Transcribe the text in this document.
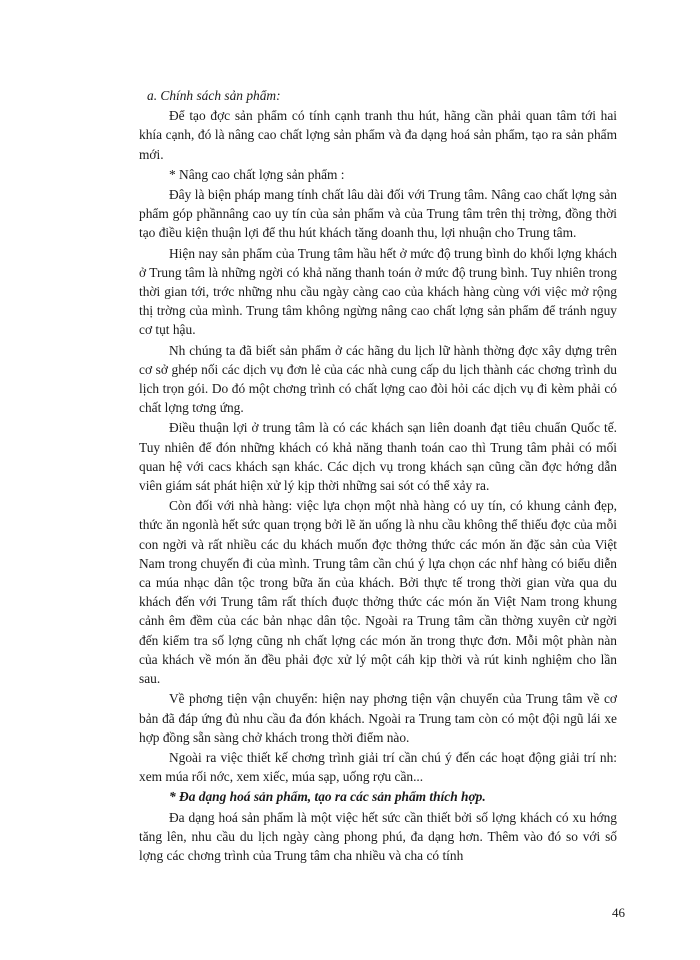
a. Chính sách sản phẩm:

Để tạo đợc sản phẩm có tính cạnh tranh thu hút, hãng cần phải quan tâm tới hai khía cạnh, đó là nâng cao chất lợng sản phẩm và đa dạng hoá sản phẩm, tạo ra sản phẩm mới.

* Nâng cao chất lợng sản phẩm :

Đây là biện pháp mang tính chất lâu dài đối với Trung tâm. Nâng cao chất lợng sản phẩm góp phầnnâng cao uy tín của sản phẩm và của Trung tâm trên thị trờng, đồng thời tạo điều kiện thuận lợi để thu hút khách tăng doanh thu, lợi nhuận cho Trung tâm.

Hiện nay sản phẩm của Trung tâm hầu hết ở mức độ trung bình do khối lợng khách ở Trung tâm là những ngời có khả năng thanh toán ở mức độ trung bình. Tuy nhiên trong thời gian tới, trớc những nhu cầu ngày càng cao của khách hàng cùng với việc mở rộng thị trờng của mình. Trung tâm không ngừng nâng cao chất lợng sản phẩm để tránh nguy cơ tụt hậu.

Nh chúng ta đã biết sản phẩm ở các hãng du lịch lữ hành thờng đợc xây dựng trên cơ sở ghép nối các dịch vụ đơn lẻ của các nhà cung cấp du lịch thành các chơng trình du lịch trọn gói. Do đó một chơng trình có chất lợng cao đòi hỏi các dịch vụ đi kèm phải có chất lợng tơng ứng.

Điều thuận lợi ở trung tâm là có các khách sạn liên doanh đạt tiêu chuẩn Quốc tế. Tuy nhiên để đón những khách có khả năng thanh toán cao thì Trung tâm phải có mối quan hệ với cacs khách sạn khác. Các dịch vụ trong khách sạn cũng cần đợc hớng dẫn viên giám sát phát hiện xử lý kịp thời những sai sót có thể xảy ra.

Còn đối với nhà hàng: việc lựa chọn một nhà hàng có uy tín, có khung cảnh đẹp, thức ăn ngonlà hết sức quan trọng bởi lẽ ăn uống là nhu cầu không thể thiếu đợc của mỗi con ngời và rất nhiều các du khách muốn đợc thởng thức các món ăn đặc sản của Việt Nam trong chuyến đi của mình. Trung tâm cần chú ý lựa chọn các nhf hàng có biểu diễn ca múa nhạc dân tộc trong bữa ăn của khách. Bởi thực tế trong thời gian vừa qua du khách đến với Trung tâm rất thích đuợc thởng thức các món ăn Việt Nam trong khung cảnh êm đềm của các bản nhạc dân tộc. Ngoài ra Trung tâm cần thờng xuyên cử ngời đến kiểm tra số lợng cũng nh chất lợng các món ăn trong thực đơn. Mỗi một phàn nàn của khách về món ăn đều phải đợc xử lý một cáh kịp thời và rút kinh nghiệm cho lần sau.

Về phơng tiện vận chuyển: hiện nay phơng tiện vận chuyển của Trung tâm về cơ bản đã đáp ứng đủ nhu cầu đa đón khách. Ngoài ra Trung tam còn có một đội ngũ lái xe hợp đồng sẵn sàng chở khách trong thời điểm nào.

Ngoài ra việc thiết kế chơng trình giải trí cần chú ý đến các hoạt động giải trí nh: xem múa rối nớc, xem xiếc, múa sạp, uống rợu cần...

* Đa dạng hoá sản phẩm, tạo ra các sản phẩm thích hợp.

Đa dạng hoá sản phẩm là một việc hết sức cần thiết bởi số lợng khách có xu hớng tăng lên, nhu cầu du lịch ngày càng phong phú, đa dạng hơn. Thêm vào đó so với số lợng các chơng trình của Trung tâm cha nhiều và cha có tính

46
